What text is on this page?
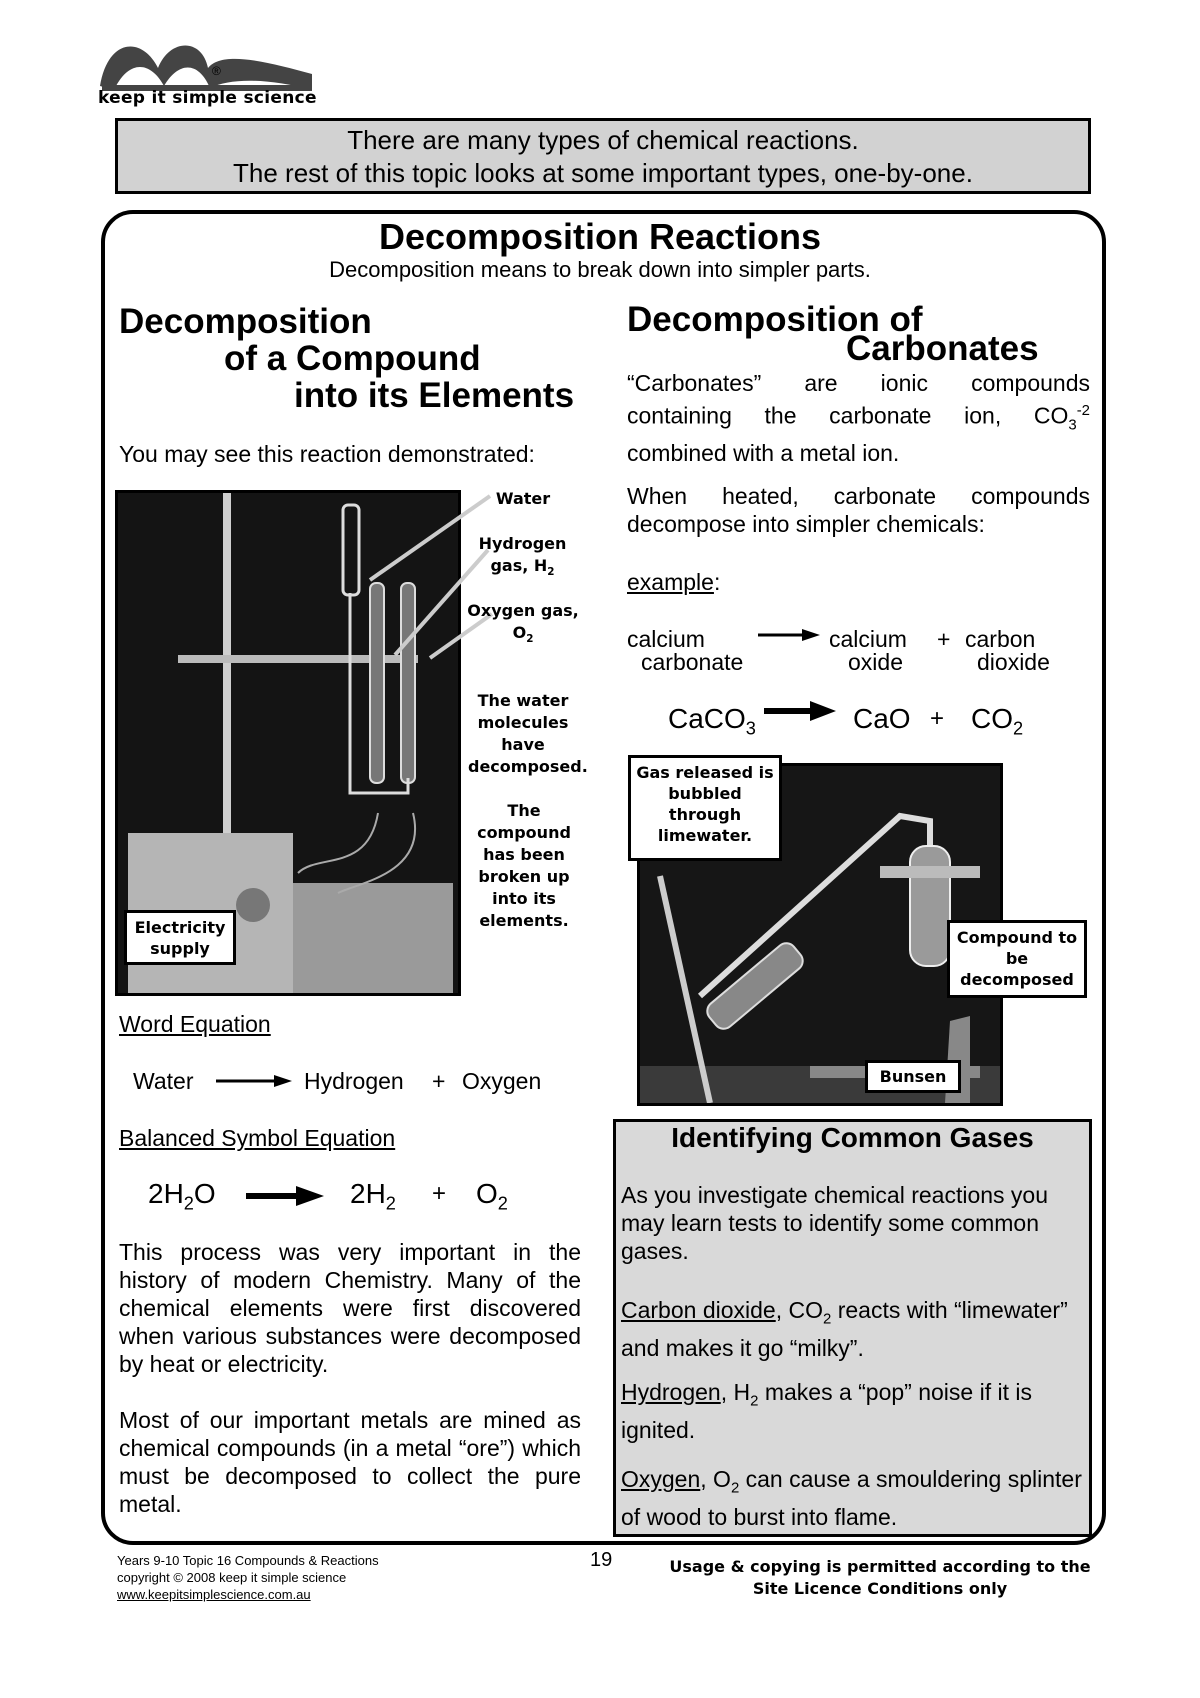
®
keep it simple science
There are many types of chemical reactions.
The rest of this topic looks at some important types, one-by-one.
Decomposition Reactions
Decomposition means to break down into simpler parts.
Decomposition
of a Compound
into its Elements
You may see this reaction demonstrated:
Water
Hydrogen gas, $H_2$
Oxygen gas, $O_2$
The water molecules have decomposed.
The compound has been broken up into its elements.
Electricity supply
Word Equation
Water	Hydrogen + Oxygen
Balanced Symbol Equation
$2H_2O$	$2H_2 + O_2$
This process was very important in the history of modern Chemistry. Many of the chemical elements were first discovered when various substances were decomposed by heat or electricity.
Most of our important metals are mined as chemical compounds (in a metal “ore”) which must be decomposed to collect the pure metal.
Decomposition of
Carbonates
“Carbonates” are ionic compounds containing the carbonate ion, $CO_3^{-2}$ combined with a metal ion.
When heated, carbonate compounds decompose into simpler chemicals:
example:
calcium
carbonate
calcium
oxide
+ carbon
dioxide
CaCO$_3$	CaO + $CO_2$
Gas released is bubbled through limewater.
Compound to be decomposed
Bunsen
Identifying Common Gases
As you investigate chemical reactions you may learn tests to identify some common gases.
Carbon dioxide, $CO_2$ reacts with “limewater” and makes it go “milky”.
Hydrogen, $H_2$ makes a “pop” noise if it is ignited.
Oxygen, $O_2$ can cause a smouldering splinter of wood to burst into flame.
Years 9-10 Topic 16 Compounds & Reactions
copyright © 2008 keep it simple science
www.keepitsimplescience.com.au
19	Usage & copying is permitted according to the
Site Licence Conditions only
